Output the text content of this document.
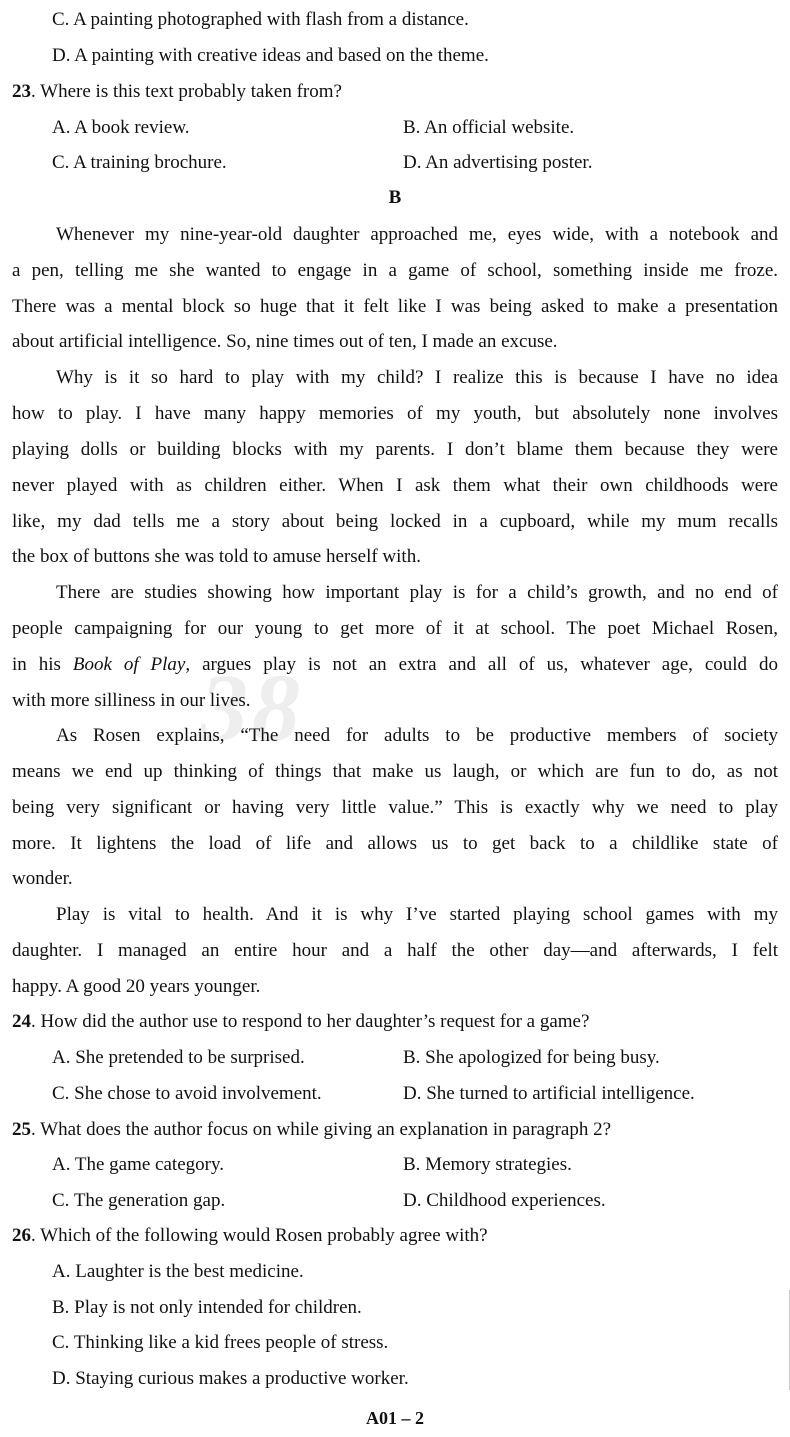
38
C. A painting photographed with flash from a distance.
D. A painting with creative ideas and based on the theme.
23. Where is this text probably taken from?
A. A book review.	B. An official website.
C. A training brochure.	D. An advertising poster.
B
Whenever my nine-year-old daughter approached me, eyes wide, with a notebook and
a pen, telling me she wanted to engage in a game of school, something inside me froze.
There was a mental block so huge that it felt like I was being asked to make a presentation
about artificial intelligence. So, nine times out of ten, I made an excuse.
Why is it so hard to play with my child? I realize this is because I have no idea
how to play. I have many happy memories of my youth, but absolutely none involves
playing dolls or building blocks with my parents. I don’t blame them because they were
never played with as children either. When I ask them what their own childhoods were
like, my dad tells me a story about being locked in a cupboard, while my mum recalls
the box of buttons she was told to amuse herself with.
There are studies showing how important play is for a child’s growth, and no end of
people campaigning for our young to get more of it at school. The poet Michael Rosen,
in his Book of Play, argues play is not an extra and all of us, whatever age, could do
with more silliness in our lives.
As Rosen explains, “The need for adults to be productive members of society
means we end up thinking of things that make us laugh, or which are fun to do, as not
being very significant or having very little value.” This is exactly why we need to play
more. It lightens the load of life and allows us to get back to a childlike state of
wonder.
Play is vital to health. And it is why I’ve started playing school games with my
daughter. I managed an entire hour and a half the other day—and afterwards, I felt
happy. A good 20 years younger.
24. How did the author use to respond to her daughter’s request for a game?
A. She pretended to be surprised.	B. She apologized for being busy.
C. She chose to avoid involvement.	D. She turned to artificial intelligence.
25. What does the author focus on while giving an explanation in paragraph 2?
A. The game category.	B. Memory strategies.
C. The generation gap.	D. Childhood experiences.
26. Which of the following would Rosen probably agree with?
A. Laughter is the best medicine.
B. Play is not only intended for children.
C. Thinking like a kid frees people of stress.
D. Staying curious makes a productive worker.
A01 – 2
